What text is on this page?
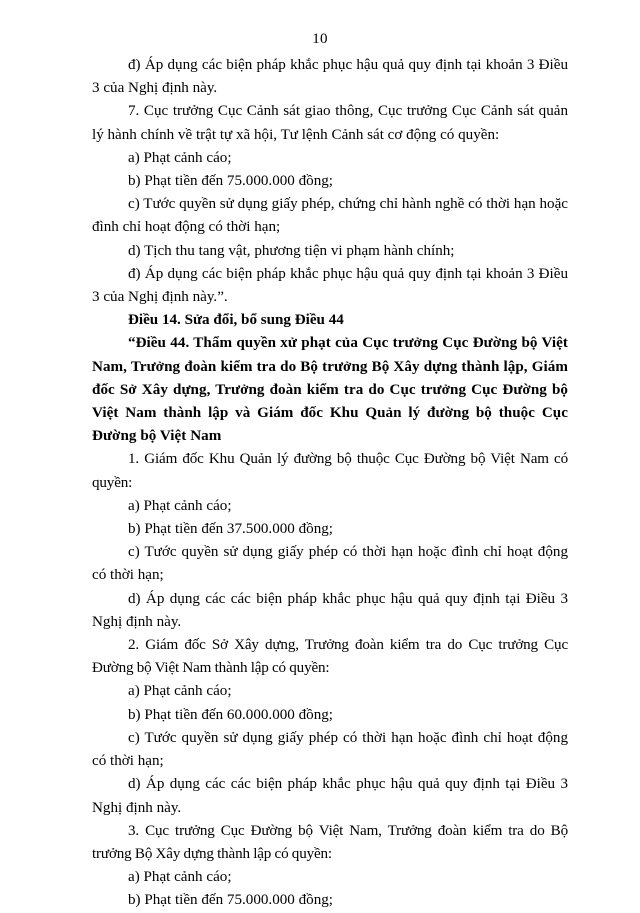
10

đ) Áp dụng các biện pháp khắc phục hậu quả quy định tại khoản 3 Điều 3 của Nghị định này.

7. Cục trưởng Cục Cảnh sát giao thông, Cục trưởng Cục Cảnh sát quản lý hành chính về trật tự xã hội, Tư lệnh Cảnh sát cơ động có quyền:

a) Phạt cảnh cáo;

b) Phạt tiền đến 75.000.000 đồng;

c) Tước quyền sử dụng giấy phép, chứng chỉ hành nghề có thời hạn hoặc đình chỉ hoạt động có thời hạn;

d) Tịch thu tang vật, phương tiện vi phạm hành chính;

đ) Áp dụng các biện pháp khắc phục hậu quả quy định tại khoản 3 Điều 3 của Nghị định này.”.

Điều 14. Sửa đổi, bổ sung Điều 44

“Điều 44. Thẩm quyền xử phạt của Cục trưởng Cục Đường bộ Việt Nam, Trưởng đoàn kiểm tra do Bộ trưởng Bộ Xây dựng thành lập, Giám đốc Sở Xây dựng, Trưởng đoàn kiểm tra do Cục trưởng Cục Đường bộ Việt Nam thành lập và Giám đốc Khu Quản lý đường bộ thuộc Cục Đường bộ Việt Nam

1. Giám đốc Khu Quản lý đường bộ thuộc Cục Đường bộ Việt Nam có quyền:

a) Phạt cảnh cáo;

b) Phạt tiền đến 37.500.000 đồng;

c) Tước quyền sử dụng giấy phép có thời hạn hoặc đình chỉ hoạt động có thời hạn;

d) Áp dụng các các biện pháp khắc phục hậu quả quy định tại Điều 3 Nghị định này.

2. Giám đốc Sở Xây dựng, Trưởng đoàn kiểm tra do Cục trưởng Cục Đường bộ Việt Nam thành lập có quyền:

a) Phạt cảnh cáo;

b) Phạt tiền đến 60.000.000 đồng;

c) Tước quyền sử dụng giấy phép có thời hạn hoặc đình chỉ hoạt động có thời hạn;

d) Áp dụng các các biện pháp khắc phục hậu quả quy định tại Điều 3 Nghị định này.

3. Cục trưởng Cục Đường bộ Việt Nam, Trưởng đoàn kiểm tra do Bộ trưởng Bộ Xây dựng thành lập có quyền:

a) Phạt cảnh cáo;

b) Phạt tiền đến 75.000.000 đồng;
